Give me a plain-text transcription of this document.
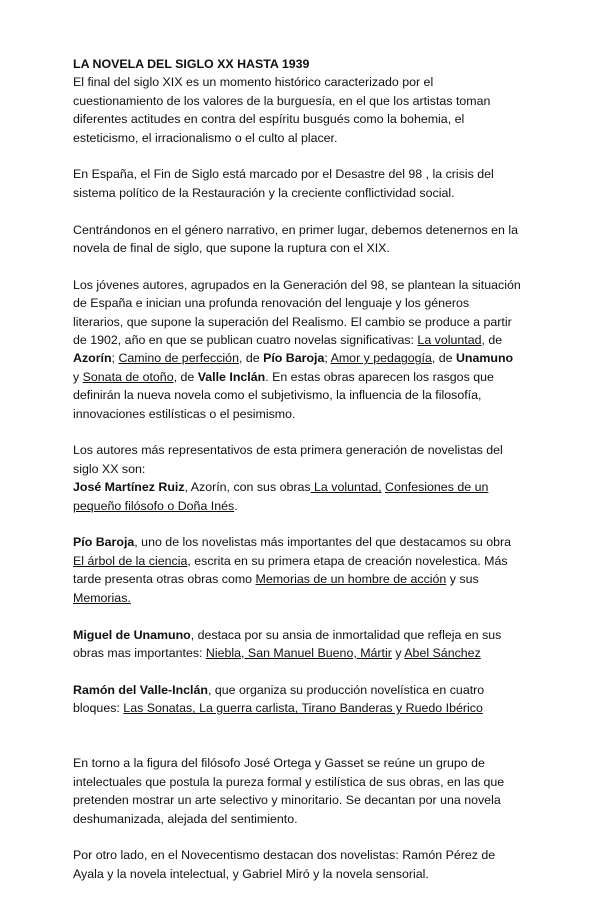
LA NOVELA DEL SIGLO XX HASTA 1939

El final del siglo XIX es un momento histórico caracterizado por el cuestionamiento de los valores de la burguesía, en el que los artistas toman diferentes actitudes en contra del espíritu busgués como la bohemia, el esteticismo, el irracionalismo o el culto al placer.

En España, el Fin de Siglo está marcado por el Desastre del 98 , la crisis del sistema político de la Restauración y la creciente conflictividad social.

Centrándonos en el género narrativo, en primer lugar, debemos detenernos en la novela de final de siglo, que supone la ruptura con el XIX.

Los jóvenes autores, agrupados en la Generación del 98, se plantean la situación de España e inician una profunda renovación del lenguaje y los géneros literarios, que supone la superación del Realismo. El cambio se produce a partir de 1902, año en que se publican cuatro novelas significativas: La voluntad, de Azorín; Camino de perfección, de Pío Baroja; Amor y pedagogía, de Unamuno y Sonata de otoño, de Valle Inclán. En estas obras aparecen los rasgos que definirán la nueva novela como el subjetivismo, la influencia de la filosofía, innovaciones estilísticas o el pesimismo.

Los autores más representativos de esta primera generación de novelistas del siglo XX son:
José Martínez Ruiz, Azorín, con sus obras La voluntad, Confesiones de un pequeño filósofo o Doña Inés.

Pío Baroja, uno de los novelistas más importantes del que destacamos su obra El árbol de la ciencia, escrita en su primera etapa de creación novelestica. Más tarde presenta otras obras como Memorias de un hombre de acción y sus Memorias.

Miguel de Unamuno, destaca por su ansia de inmortalidad que refleja en sus obras mas importantes: Niebla, San Manuel Bueno, Mártir y Abel Sánchez

Ramón del Valle-Inclán, que organiza su producción novelística en cuatro bloques: Las Sonatas, La guerra carlista, Tirano Banderas y Ruedo Ibérico

En torno a la figura del filósofo José Ortega y Gasset se reúne un grupo de intelectuales que postula la pureza formal y estilística de sus obras, en las que pretenden mostrar un arte selectivo y minoritario. Se decantan por una novela deshumanizada, alejada del sentimiento.

Por otro lado, en el Novecentismo destacan dos novelistas: Ramón Pérez de Ayala y la novela intelectual, y Gabriel Miró y la novela sensorial.
